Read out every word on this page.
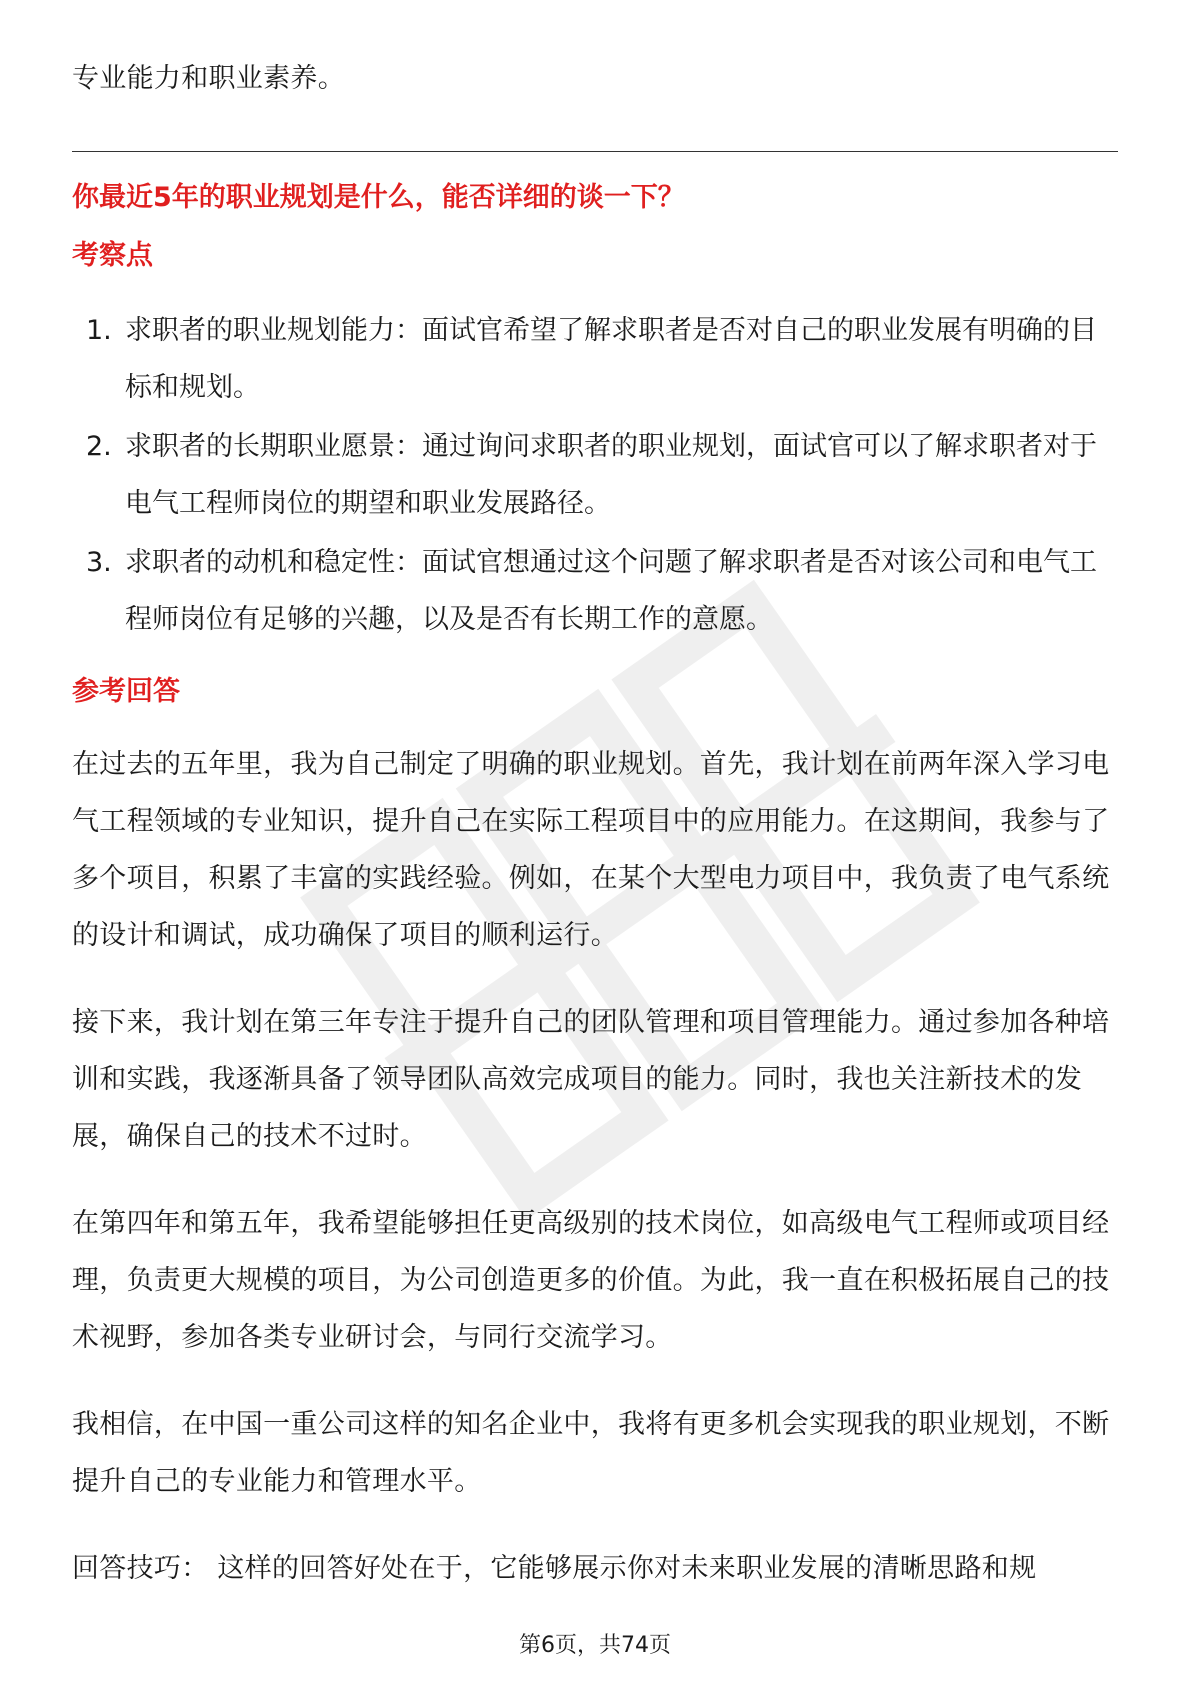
专业能力和职业素养。

你最近5年的职业规划是什么，能否详细的谈一下？

考察点

1. 求职者的职业规划能力：面试官希望了解求职者是否对自己的职业发展有明确的目标和规划。
2. 求职者的长期职业愿景：通过询问求职者的职业规划，面试官可以了解求职者对于电气工程师岗位的期望和职业发展路径。
3. 求职者的动机和稳定性：面试官想通过这个问题了解求职者是否对该公司和电气工程师岗位有足够的兴趣，以及是否有长期工作的意愿。

参考回答

在过去的五年里，我为自己制定了明确的职业规划。首先，我计划在前两年深入学习电气工程领域的专业知识，提升自己在实际工程项目中的应用能力。在这期间，我参与了多个项目，积累了丰富的实践经验。例如，在某个大型电力项目中，我负责了电气系统的设计和调试，成功确保了项目的顺利运行。

接下来，我计划在第三年专注于提升自己的团队管理和项目管理能力。通过参加各种培训和实践，我逐渐具备了领导团队高效完成项目的能力。同时，我也关注新技术的发展，确保自己的技术不过时。

在第四年和第五年，我希望能够担任更高级别的技术岗位，如高级电气工程师或项目经理，负责更大规模的项目，为公司创造更多的价值。为此，我一直在积极拓展自己的技术视野，参加各类专业研讨会，与同行交流学习。

我相信，在中国一重公司这样的知名企业中，我将有更多机会实现我的职业规划，不断提升自己的专业能力和管理水平。

回答技巧： 这样的回答好处在于，它能够展示你对未来职业发展的清晰思路和规

第6页，共74页
